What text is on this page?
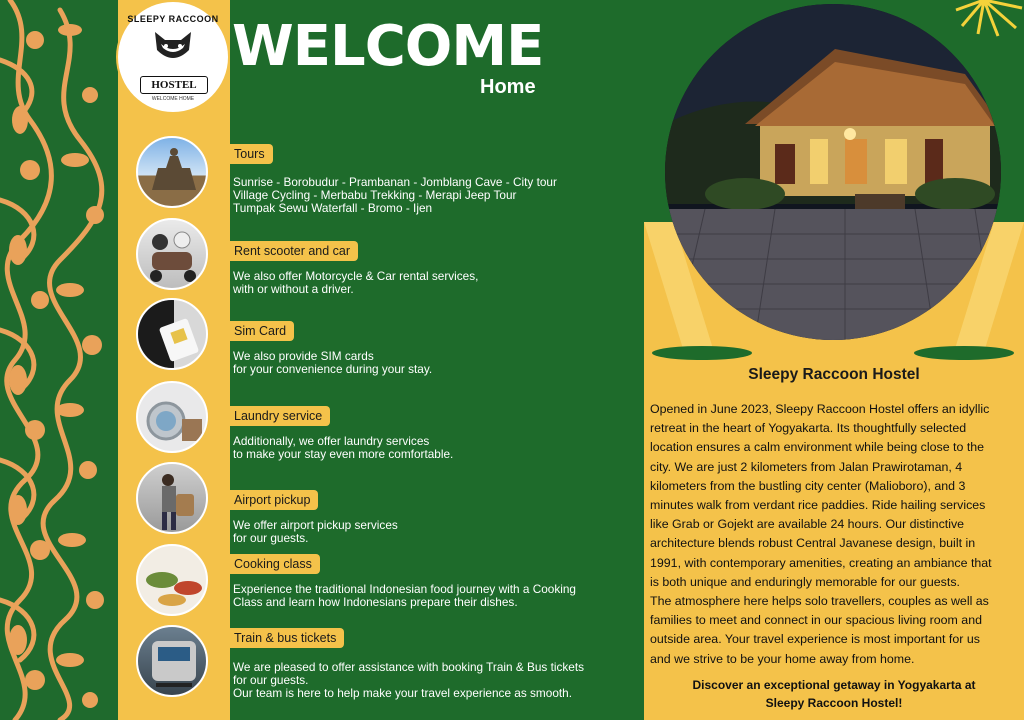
SLEEPY RACCOON
HOSTEL
WELCOME HOME
WELCOME
Home
Tours
Sunrise - Borobudur - Prambanan - Jomblang Cave - City tour
Village Cycling - Merbabu Trekking - Merapi Jeep Tour
Tumpak Sewu Waterfall - Bromo - Ijen
Rent scooter and car
We also offer Motorcycle & Car rental services,
with or without a driver.
Sim Card
We also provide SIM cards
for your convenience during your stay.
Laundry service
Additionally, we offer laundry services
to make your stay even more comfortable.
Airport pickup
We offer airport pickup services
for our guests.
Cooking class
Experience the traditional Indonesian food journey with a Cooking
Class and learn how Indonesians prepare their dishes.
Train & bus tickets
We are pleased to offer assistance with booking Train & Bus tickets
for our guests.
Our team is here to help make your travel experience as smooth.
Sleepy Raccoon Hostel
Opened in June 2023, Sleepy Raccoon Hostel offers an idyllic
retreat in the heart of Yogyakarta. Its thoughtfully selected
location ensures a calm environment while being close to the
city. We are just 2 kilometers from Jalan Prawirotaman, 4
kilometers from the bustling city center (Malioboro), and 3
minutes walk from verdant rice paddies. Ride hailing services
like Grab or Gojekt are available 24 hours. Our distinctive
architecture blends robust Central Javanese design, built in
1991, with contemporary amenities, creating an ambiance that
is both unique and enduringly memorable for our guests.
The atmosphere here helps solo travellers, couples as well as
families to meet and connect in our spacious living room and
outside area. Your travel experience is most important for us
and we strive to be your home away from home.
Discover an exceptional getaway in Yogyakarta at
Sleepy Raccoon Hostel!
